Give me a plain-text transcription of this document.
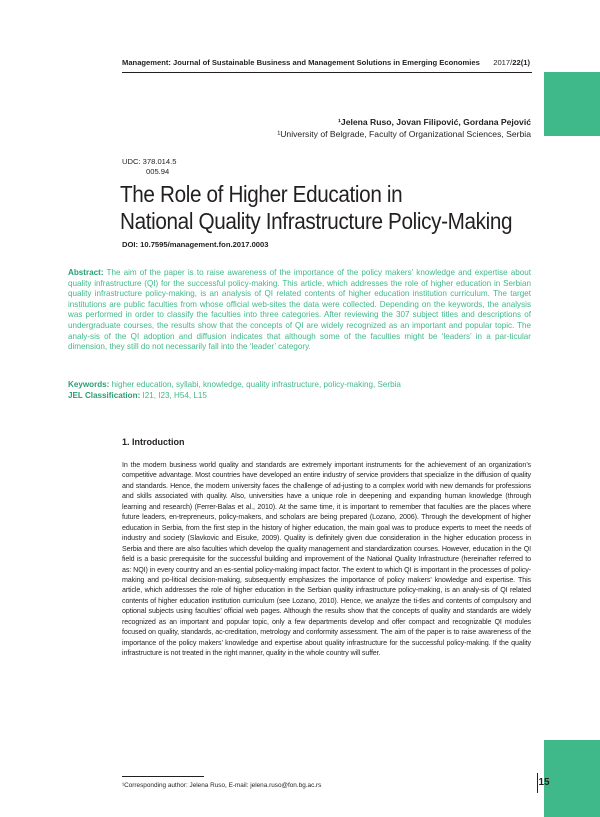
Management: Journal of Sustainable Business and Management Solutions in Emerging Economies 2017/22(1)
¹Jelena Ruso, Jovan Filipović, Gordana Pejović
¹University of Belgrade, Faculty of Organizational Sciences, Serbia
UDC: 378.014.5
005.94
The Role of Higher Education in
National Quality Infrastructure Policy-Making
DOI: 10.7595/management.fon.2017.0003
Abstract: The aim of the paper is to raise awareness of the importance of the policy makers’ knowledge and expertise about quality infrastructure (QI) for the successful policy-making. This article, which addresses the role of higher education in Serbian quality infrastructure policy-making, is an analysis of QI related contents of higher education institution curriculum. The target institutions are public faculties from whose official web-sites the data were collected. Depending on the keywords, the analysis was performed in order to classify the faculties into three categories. After reviewing the 307 subject titles and descriptions of undergraduate courses, the results show that the concepts of QI are widely recognized as an important and popular topic. The analy-sis of the QI adoption and diffusion indicates that although some of the faculties might be ‘leaders’ in a par-ticular dimension, they still do not necessarily fall into the ‘leader’ category.
Keywords: higher education, syllabi, knowledge, quality infrastructure, policy-making, Serbia
JEL Classification: I21, I23, H54, L15
1. Introduction
In the modern business world quality and standards are extremely important instruments for the achievement of an organization’s competitive advantage. Most countries have developed an entire industry of service providers that specialize in the diffusion of quality and standards. Hence, the modern university faces the challenge of ad-justing to a complex world with new demands for professions and skills associated with quality. Also, universities have a unique role in deepening and expanding human knowledge (through learning and research) (Ferrer-Balas et al., 2010). At the same time, it is important to remember that faculties are the places where future leaders, en-trepreneurs, policy-makers, and scholars are being prepared (Lozano, 2006). Through the development of higher education in Serbia, from the first step in the history of higher education, the main goal was to produce experts to meet the needs of industry and society (Slavkovic and Eisuke, 2009). Quality is definitely given due consideration in the higher education process in Serbia and there are also faculties which develop the quality management and standardization courses. However, education in the QI field is a basic prerequisite for the successful building and improvement of the National Quality Infrastructure (hereinafter referred to as: NQI) in every country and an es-sential policy-making impact factor. The extent to which QI is important in the processes of policy-making and po-litical decision-making, subsequently emphasizes the importance of policy makers’ knowledge and expertise. This article, which addresses the role of higher education in the Serbian quality infrastructure policy-making, is an analy-sis of QI related contents of higher education institution curriculum (see Lozano, 2010). Hence, we analyze the ti-tles and contents of compulsory and optional subjects using faculties’ official web pages. Although the results show that the concepts of quality and standards are widely recognized as an important and popular topic, only a few departments develop and offer compact and recognizable QI modules focused on quality, standards, ac-creditation, metrology and conformity assessment. The aim of the paper is to raise awareness of the importance of the policy makers’ knowledge and expertise about quality infrastructure for the successful policy-making. If the quality infrastructure is not treated in the right manner, quality in the whole country will suffer.
¹Corresponding author: Jelena Ruso, E-mail: jelena.ruso@fon.bg.ac.rs	15
